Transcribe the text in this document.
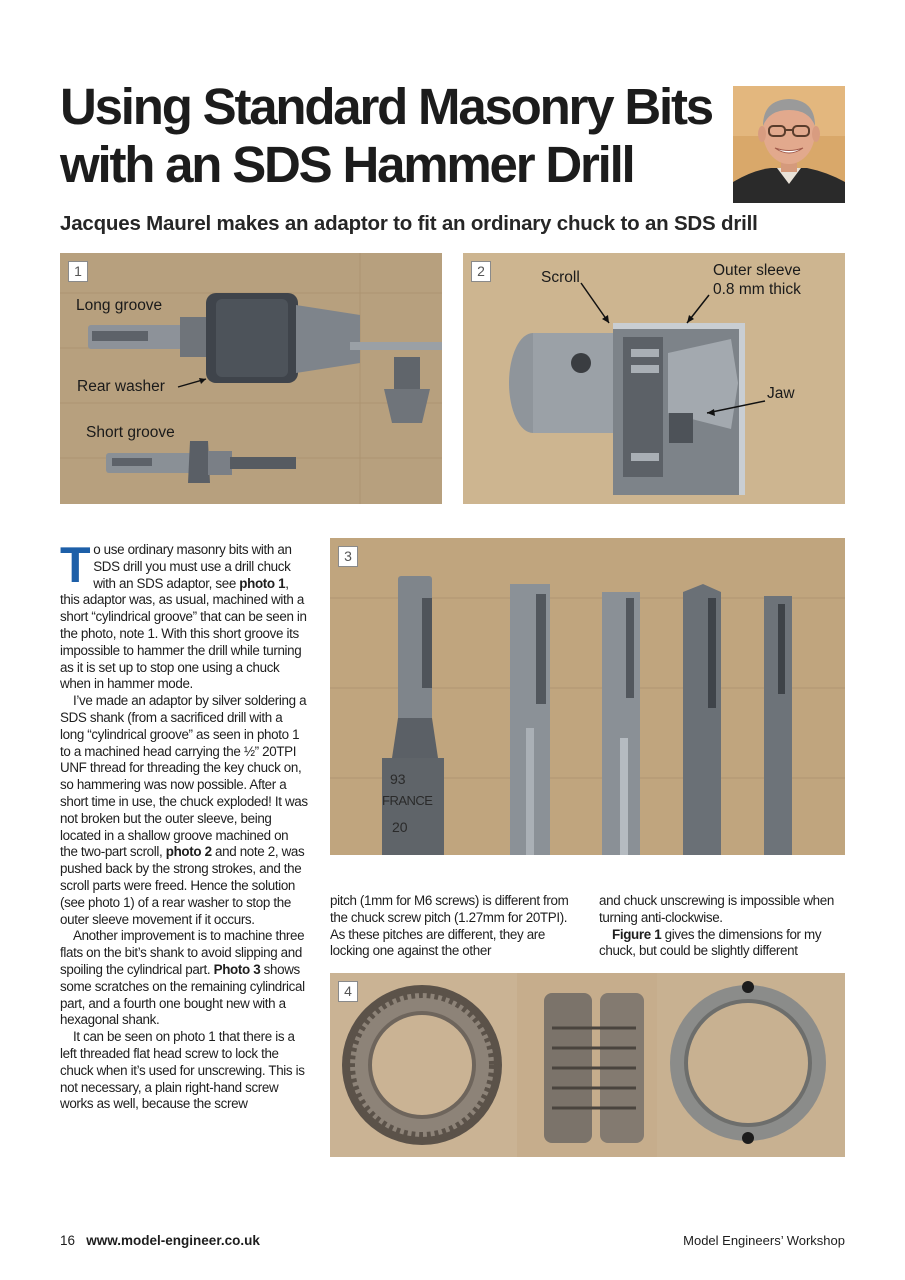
Using Standard Masonry Bits
with an SDS Hammer Drill

Jacques Maurel makes an adaptor to fit an ordinary chuck to an SDS drill

1
Long groove
Rear washer
Short groove
2	Scroll	Outer sleeve
0.8 mm thick
Jaw
3
93
FRANCE
20
4

To use ordinary masonry bits with an SDS drill you must use a drill chuck with an SDS adaptor, see photo 1, this adaptor was, as usual, machined with a short “cylindrical groove” that can be seen in the photo, note 1. With this short groove its impossible to hammer the drill while turning as it is set up to stop one using a chuck when in hammer mode.

I’ve made an adaptor by silver soldering a SDS shank (from a sacrificed drill with a long “cylindrical groove” as seen in photo 1 to a machined head carrying the ½” 20TPI UNF thread for threading the key chuck on, so hammering was now possible. After a short time in use, the chuck exploded! It was not broken but the outer sleeve, being located in a shallow groove machined on the two-part scroll, photo 2 and note 2, was pushed back by the strong strokes, and the scroll parts were freed. Hence the solution (see photo 1) of a rear washer to stop the outer sleeve movement if it occurs.

Another improvement is to machine three flats on the bit’s shank to avoid slipping and spoiling the cylindrical part. Photo 3 shows some scratches on the remaining cylindrical part, and a fourth one bought new with a hexagonal shank.

It can be seen on photo 1 that there is a left threaded flat head screw to lock the chuck when it’s used for unscrewing. This is not necessary, a plain right-hand screw works as well, because the screw

pitch (1mm for M6 screws) is different from the chuck screw pitch (1.27mm for 20TPI). As these pitches are different, they are locking one against the other

and chuck unscrewing is impossible when turning anti-clockwise.

Figure 1 gives the dimensions for my chuck, but could be slightly different

16 www.model-engineer.co.uk	Model Engineers’ Workshop
